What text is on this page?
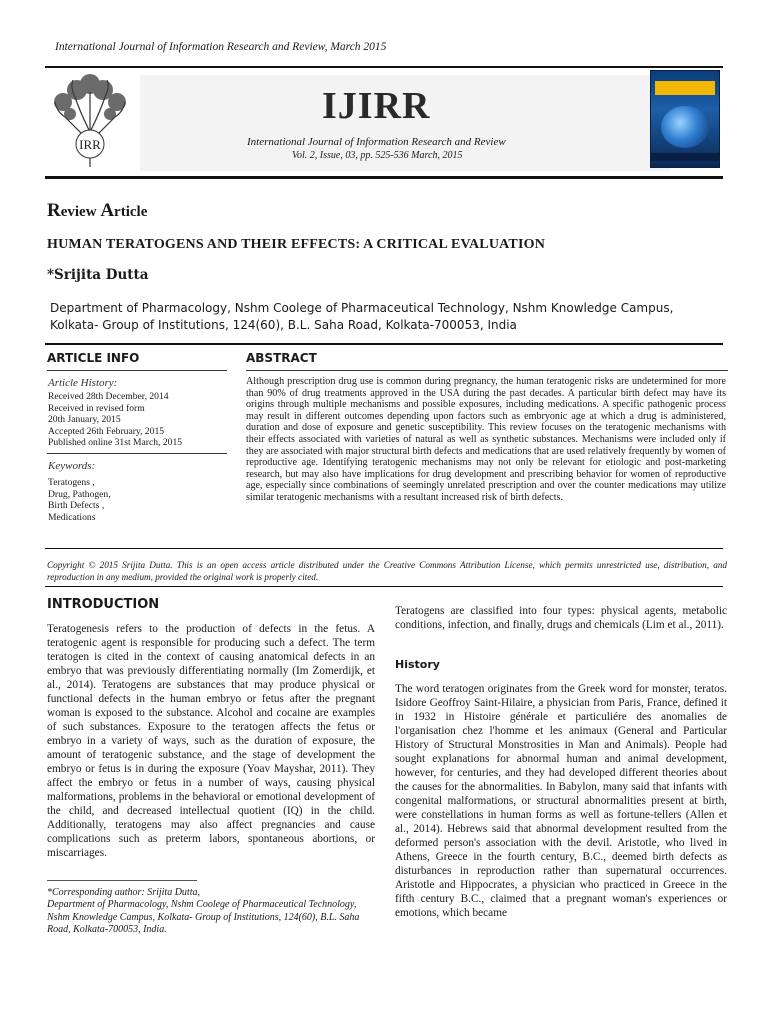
International Journal of Information Research and Review, March 2015
IRR
IJIRR
International Journal of Information Research and Review
Vol. 2, Issue, 03, pp. 525-536 March, 2015
Review Article
HUMAN TERATOGENS AND THEIR EFFECTS: A CRITICAL EVALUATION
*Srijita Dutta
Department of Pharmacology, Nshm Coolege of Pharmaceutical Technology, Nshm Knowledge Campus,
Kolkata- Group of Institutions, 124(60), B.L. Saha Road, Kolkata-700053, India
ARTICLE INFO	ABSTRACT
Article History:
Received 28th December, 2014
Received in revised form
20th January, 2015
Accepted 26th February, 2015
Published online 31st March, 2015
Keywords:
Teratogens ,
Drug, Pathogen,
Birth Defects ,
Medications
Although prescription drug use is common during pregnancy, the human teratogenic risks are undetermined for more than 90% of drug treatments approved in the USA during the past decades. A particular birth defect may have its origins through multiple mechanisms and possible exposures, including medications. A specific pathogenic process may result in different outcomes depending upon factors such as embryonic age at which a drug is administered, duration and dose of exposure and genetic susceptibility. This review focuses on the teratogenic mechanisms with their effects associated with varieties of natural as well as synthetic substances. Mechanisms were included only if they are associated with major structural birth defects and medications that are used relatively frequently by women of reproductive age. Identifying teratogenic mechanisms may not only be relevant for etiologic and post-marketing research, but may also have implications for drug development and prescribing behavior for women of reproductive age, especially since combinations of seemingly unrelated prescription and over the counter medications may utilize similar teratogenic mechanisms with a resultant increased risk of birth defects.
Copyright © 2015 Srijita Dutta. This is an open access article distributed under the Creative Commons Attribution License, which permits unrestricted use, distribution, and reproduction in any medium, provided the original work is properly cited.
INTRODUCTION
Teratogenesis refers to the production of defects in the fetus. A teratogenic agent is responsible for producing such a defect. The term teratogen is cited in the context of causing anatomical defects in an embryo that was previously differentiating normally (Im Zomerdijk, et al., 2014). Teratogens are substances that may produce physical or functional defects in the human embryo or fetus after the pregnant woman is exposed to the substance. Alcohol and cocaine are examples of such substances. Exposure to the teratogen affects the fetus or embryo in a variety of ways, such as the duration of exposure, the amount of teratogenic substance, and the stage of development the embryo or fetus is in during the exposure (Yoav Mayshar, 2011). They affect the embryo or fetus in a number of ways, causing physical malformations, problems in the behavioral or emotional development of the child, and decreased intellectual quotient (IQ) in the child. Additionally, teratogens may also affect pregnancies and cause complications such as preterm labors, spontaneous abortions, or miscarriages.
*Corresponding author: Srijita Dutta,
Department of Pharmacology, Nshm Coolege of Pharmaceutical Technology, Nshm Knowledge Campus, Kolkata- Group of Institutions, 124(60), B.L. Saha Road, Kolkata-700053, India.
Teratogens are classified into four types: physical agents, metabolic conditions, infection, and finally, drugs and chemicals (Lim et al., 2011).
History
The word teratogen originates from the Greek word for monster, teratos. Isidore Geoffroy Saint-Hilaire, a physician from Paris, France, defined it in 1932 in Histoire générale et particuliére des anomalies de l'organisation chez l'homme et les animaux (General and Particular History of Structural Monstrosities in Man and Animals). People had sought explanations for abnormal human and animal development, however, for centuries, and they had developed different theories about the causes for the abnormalities. In Babylon, many said that infants with congenital malformations, or structural abnormalities present at birth, were constellations in human forms as well as fortune-tellers (Allen et al., 2014). Hebrews said that abnormal development resulted from the deformed person's association with the devil. Aristotle, who lived in Athens, Greece in the fourth century, B.C., deemed birth defects as disturbances in reproduction rather than supernatural occurrences. Aristotle and Hippocrates, a physician who practiced in Greece in the fifth century B.C., claimed that a pregnant woman's experiences or emotions, which became
